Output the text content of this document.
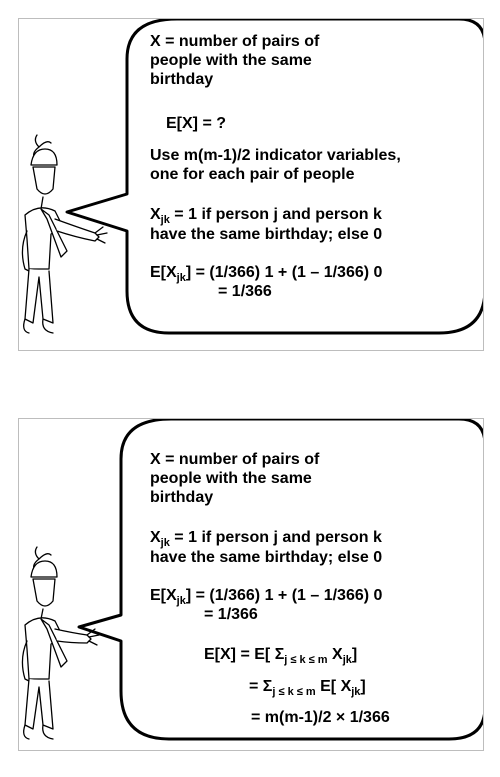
X = number of pairs of
people with the same
birthday
E[X] = ?
Use m(m-1)/2 indicator variables,
one for each pair of people
$X_{jk} = 1$ if person j and person k
have the same birthday; else 0
$E[X_{jk}] = (1/366) 1 + (1 - 1/366)$ 0
= 1/366
X = number of pairs of
people with the same
birthday
$X_{jk} = 1$ if person j and person k
have the same birthday; else 0
$E[X_{jk}] = (1/366) 1 + (1 - 1/366)$ 0
= 1/366
E[X] = E[ $\Sigma_{j \le k \le m}$ $X_{jk}$]
= $\Sigma_{j \le k \le m}$ E[ $X_{jk}$]
= m(m-1)/2 × 1/366
